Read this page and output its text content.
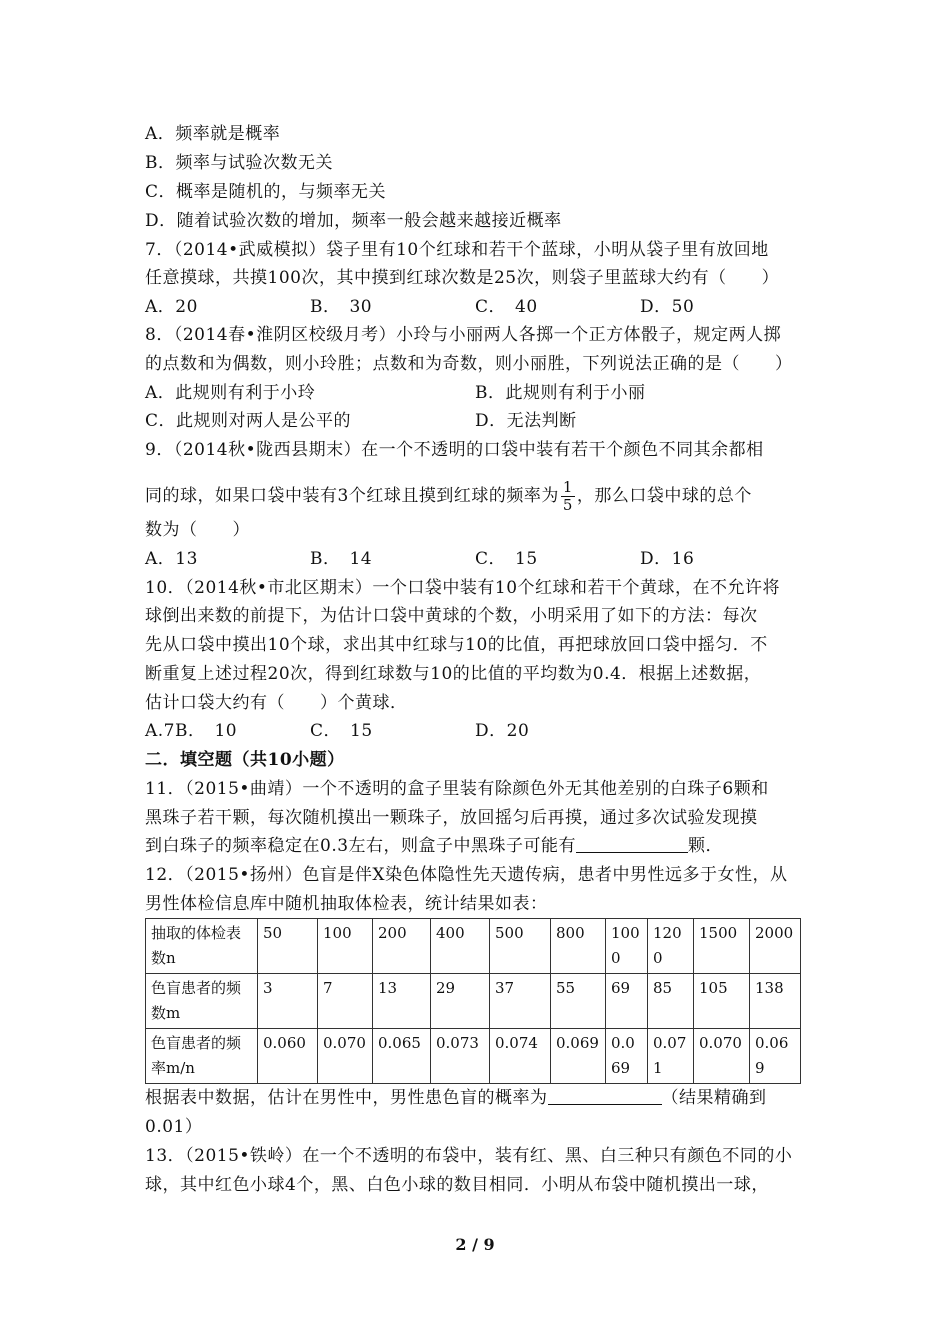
A．频率就是概率
B．频率与试验次数无关
C．概率是随机的，与频率无关
D．随着试验次数的增加，频率一般会越来越接近概率
7．（2014•武威模拟）袋子里有10个红球和若干个蓝球，小明从袋子里有放回地
任意摸球，共摸100次，其中摸到红球次数是25次，则袋子里蓝球大约有（　　）
A．20	B．　30	C．　40	D．50
8．（2014春•淮阴区校级月考）小玲与小丽两人各掷一个正方体骰子，规定两人掷
的点数和为偶数，则小玲胜；点数和为奇数，则小丽胜，下列说法正确的是（　　）
A．此规则有利于小玲	B．此规则有利于小丽
C．此规则对两人是公平的	D．无法判断
9．（2014秋•陇西县期末）在一个不透明的口袋中装有若干个颜色不同其余都相
同的球，如果口袋中装有3个红球且摸到红球的频率为 $\frac{1}{5}$ ，那么口袋中球的总个
数为（　　）
A．13	B．　14	C．　15	D．16
10．（2014秋•市北区期末）一个口袋中装有10个红球和若干个黄球，在不允许将
球倒出来数的前提下，为估计口袋中黄球的个数，小明采用了如下的方法：每次
先从口袋中摸出10个球，求出其中红球与10的比值，再把球放回口袋中摇匀．不
断重复上述过程20次，得到红球数与10的比值的平均数为0.4．根据上述数据，
估计口袋大约有（　　）个黄球．
A.7B．　10	C．　15	D．20
二．填空题（共10小题）
11．（2015•曲靖）一个不透明的盒子里装有除颜色外无其他差别的白珠子6颗和
黑珠子若干颗，每次随机摸出一颗珠子，放回摇匀后再摸，通过多次试验发现摸
到白珠子的频率稳定在0.3左右，则盒子中黑珠子可能有	颗．
12．（2015•扬州）色盲是伴X染色体隐性先天遗传病，患者中男性远多于女性，从
男性体检信息库中随机抽取体检表，统计结果如表：
抽取的体检表数n	50	100	200	400	500	800	1000	1200	1500	2000
色盲患者的频数m	3	7	13	29	37	55	69	85	105	138
色盲患者的频率m/n	0.060	0.070	0.065	0.073	0.074	0.069	0.069	0.071	0.070	0.069
根据表中数据，估计在男性中，男性患色盲的概率为	（结果精确到
0.01）
13．（2015•铁岭）在一个不透明的布袋中，装有红、黑、白三种只有颜色不同的小
球，其中红色小球4个，黑、白色小球的数目相同．小明从布袋中随机摸出一球，
2 / 9
